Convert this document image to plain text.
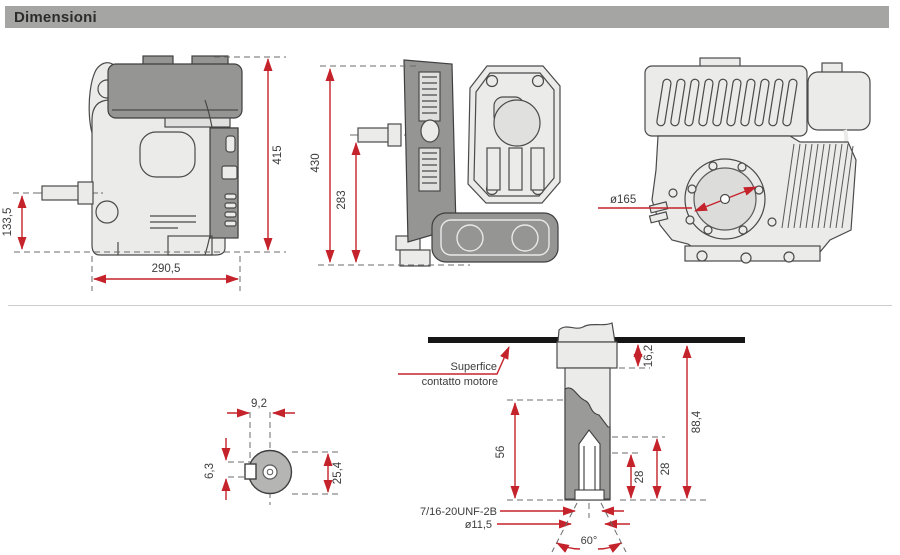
Dimensioni
415
290,5
133,5
430
283	ø165
9,2
6,3	25,4
Superfice
contatto motore
16,2
88,4
56
28
28
7/16-20UNF-2B
ø11,5
60°
